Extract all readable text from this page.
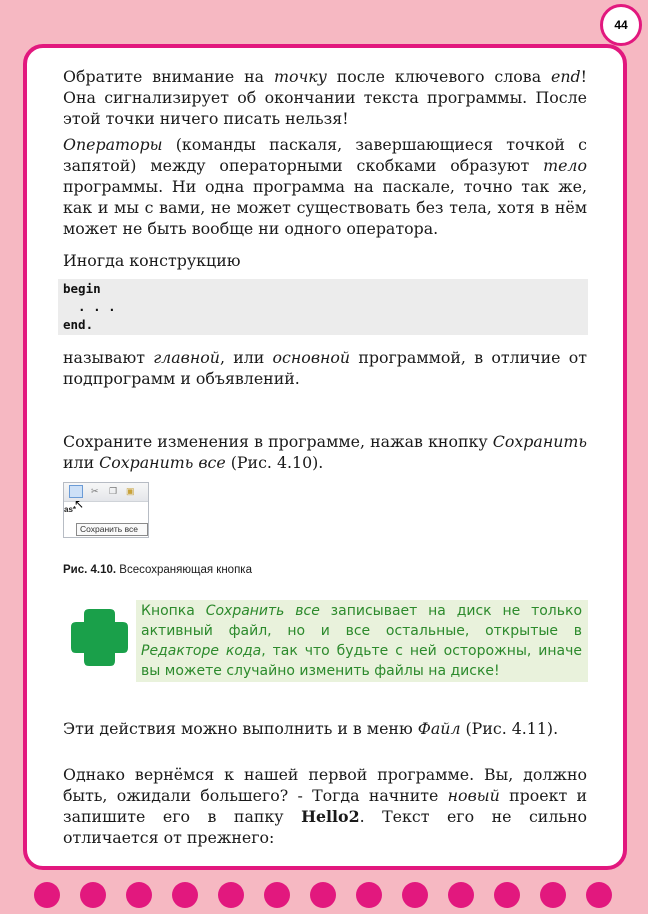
44

Обратите внимание на точку после ключевого слова end! Она сигнализирует об окончании текста программы. После этой точки ничего писать нельзя!

Операторы (команды паскаля, завершающиеся точкой с запятой) между операторными скобками образуют тело программы. Ни одна программа на паскале, точно так же, как и мы с вами, не может существовать без тела, хотя в нём может не быть вообще ни одного оператора.

Иногда конструкцию

begin
. . .
end.

называют главной, или основной программой, в отличие от подпрограмм и объявлений.

Сохраните изменения в программе, нажав кнопку Сохранить или Сохранить все (Рис. 4.10).

✂ ❐ ▣
as*
↖
Сохранить все
Рис. 4.10. Всесохраняющая кнопка
Кнопка Сохранить все записывает на диск не только активный файл, но и все остальные, открытые в Редакторе кода, так что будьте с ней осторожны, иначе вы можете случайно изменить файлы на диске!

Эти действия можно выполнить и в меню Файл (Рис. 4.11).

Однако вернёмся к нашей первой программе. Вы, должно быть, ожидали большего? - Тогда начните новый проект и запишите его в папку Hello2. Текст его не сильно отличается от прежнего:
